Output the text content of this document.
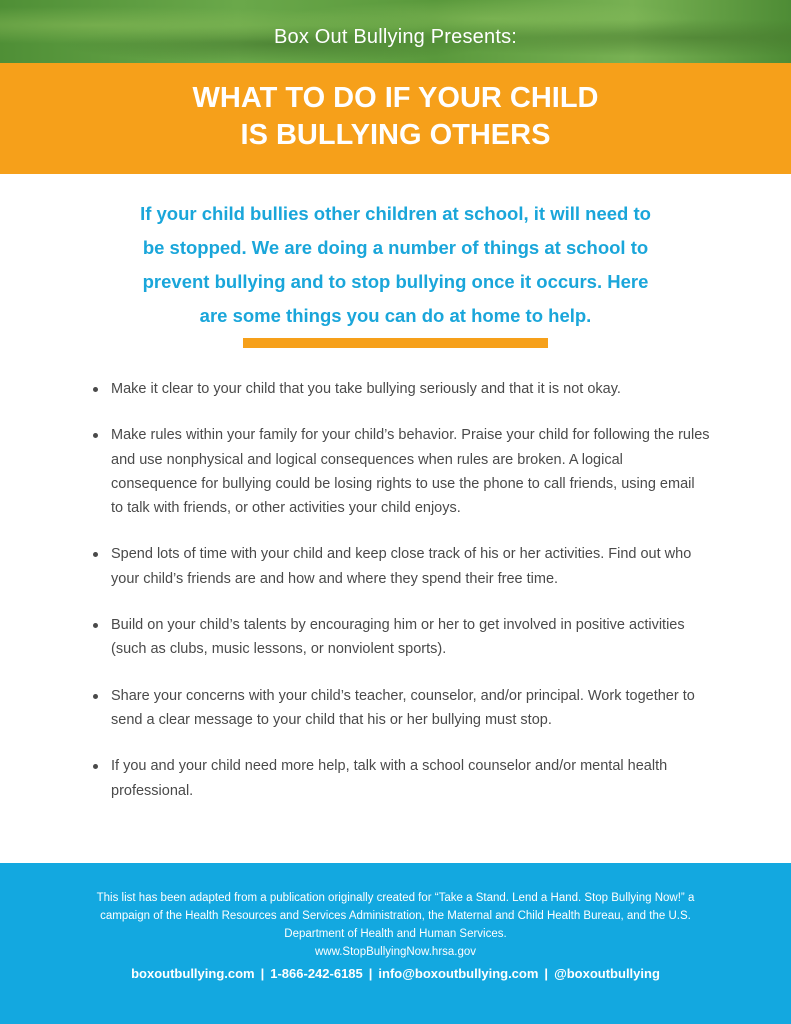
Box Out Bullying Presents:
WHAT TO DO IF YOUR CHILD
IS BULLYING OTHERS
If your child bullies other children at school, it will need to
be stopped. We are doing a number of things at school to
prevent bullying and to stop bullying once it occurs. Here
are some things you can do at home to help.
Make it clear to your child that you take bullying seriously and that it is not okay.
Make rules within your family for your child’s behavior. Praise your child for following the rules and use nonphysical and logical consequences when rules are broken. A logical consequence for bullying could be losing rights to use the phone to call friends, using email to talk with friends, or other activities your child enjoys.
Spend lots of time with your child and keep close track of his or her activities. Find out who your child’s friends are and how and where they spend their free time.
Build on your child’s talents by encouraging him or her to get involved in positive activities (such as clubs, music lessons, or nonviolent sports).
Share your concerns with your child’s teacher, counselor, and/or principal. Work together to send a clear message to your child that his or her bullying must stop.
If you and your child need more help, talk with a school counselor and/or mental health professional.
This list has been adapted from a publication originally created for “Take a Stand. Lend a Hand. Stop Bullying Now!” a campaign of the Health Resources and Services Administration, the Maternal and Child Health Bureau, and the U.S. Department of Health and Human Services.
www.StopBullyingNow.hrsa.gov
boxoutbullying.com | 1-866-242-6185 | info@boxoutbullying.com | @boxoutbullying
